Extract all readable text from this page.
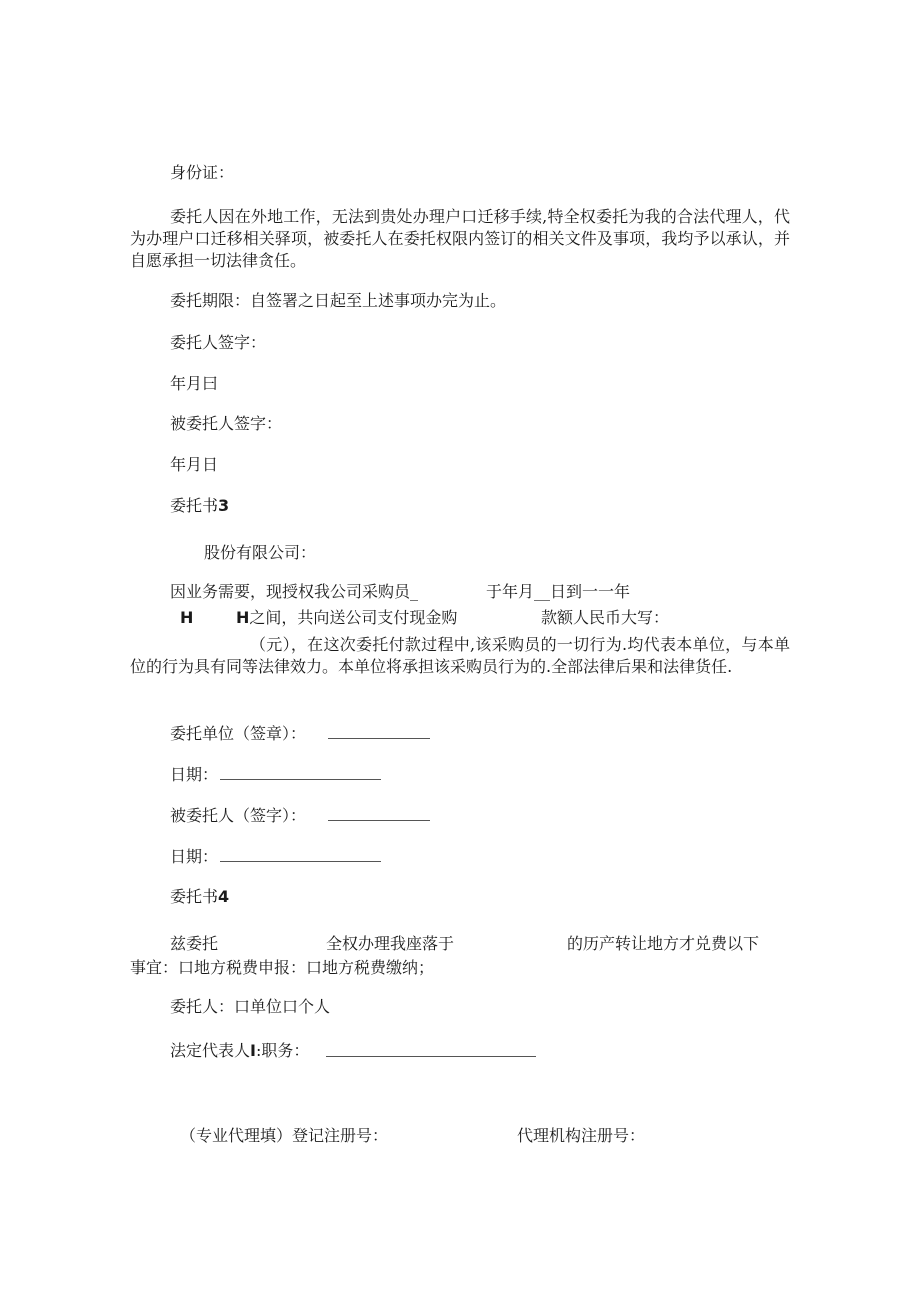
身份证：

委托人因在外地工作，无法到贵处办理户口迁移手续,特全权委托为我的合法代理人，代为办理户口迁移相关驿项，被委托人在委托权限内签订的相关文件及事项，我均予以承认，并自愿承担一切法律贪任。

委托期限：自签署之日起至上述事项办完为止。

委托人签字：

年月曰

被委托人签字：

年月日

委托书3

股份有限公司：

因业务需要，现授权我公司采购员_	于年月__日到一一年

H	H之间，共向送公司支付现金购	款额人民币大写：

（元），在这次委托付款过程中,该采购员的一切行为.均代表本单位，与本单位的行为具有同等法律效力。本单位将承担该采购员行为的.全部法律后果和法律货任.

委托单位（签章）：

日期：

被委托人（签字）：

日期：

委托书4

兹委托	全权办理我座落于	的历产转让地方才兑费以下

事宜：口地方税费申报：口地方税费缴纳；

委托人：口单位口个人

法定代表人I:职务：

（专业代理填）登记注册号：	代理机构注册号：
